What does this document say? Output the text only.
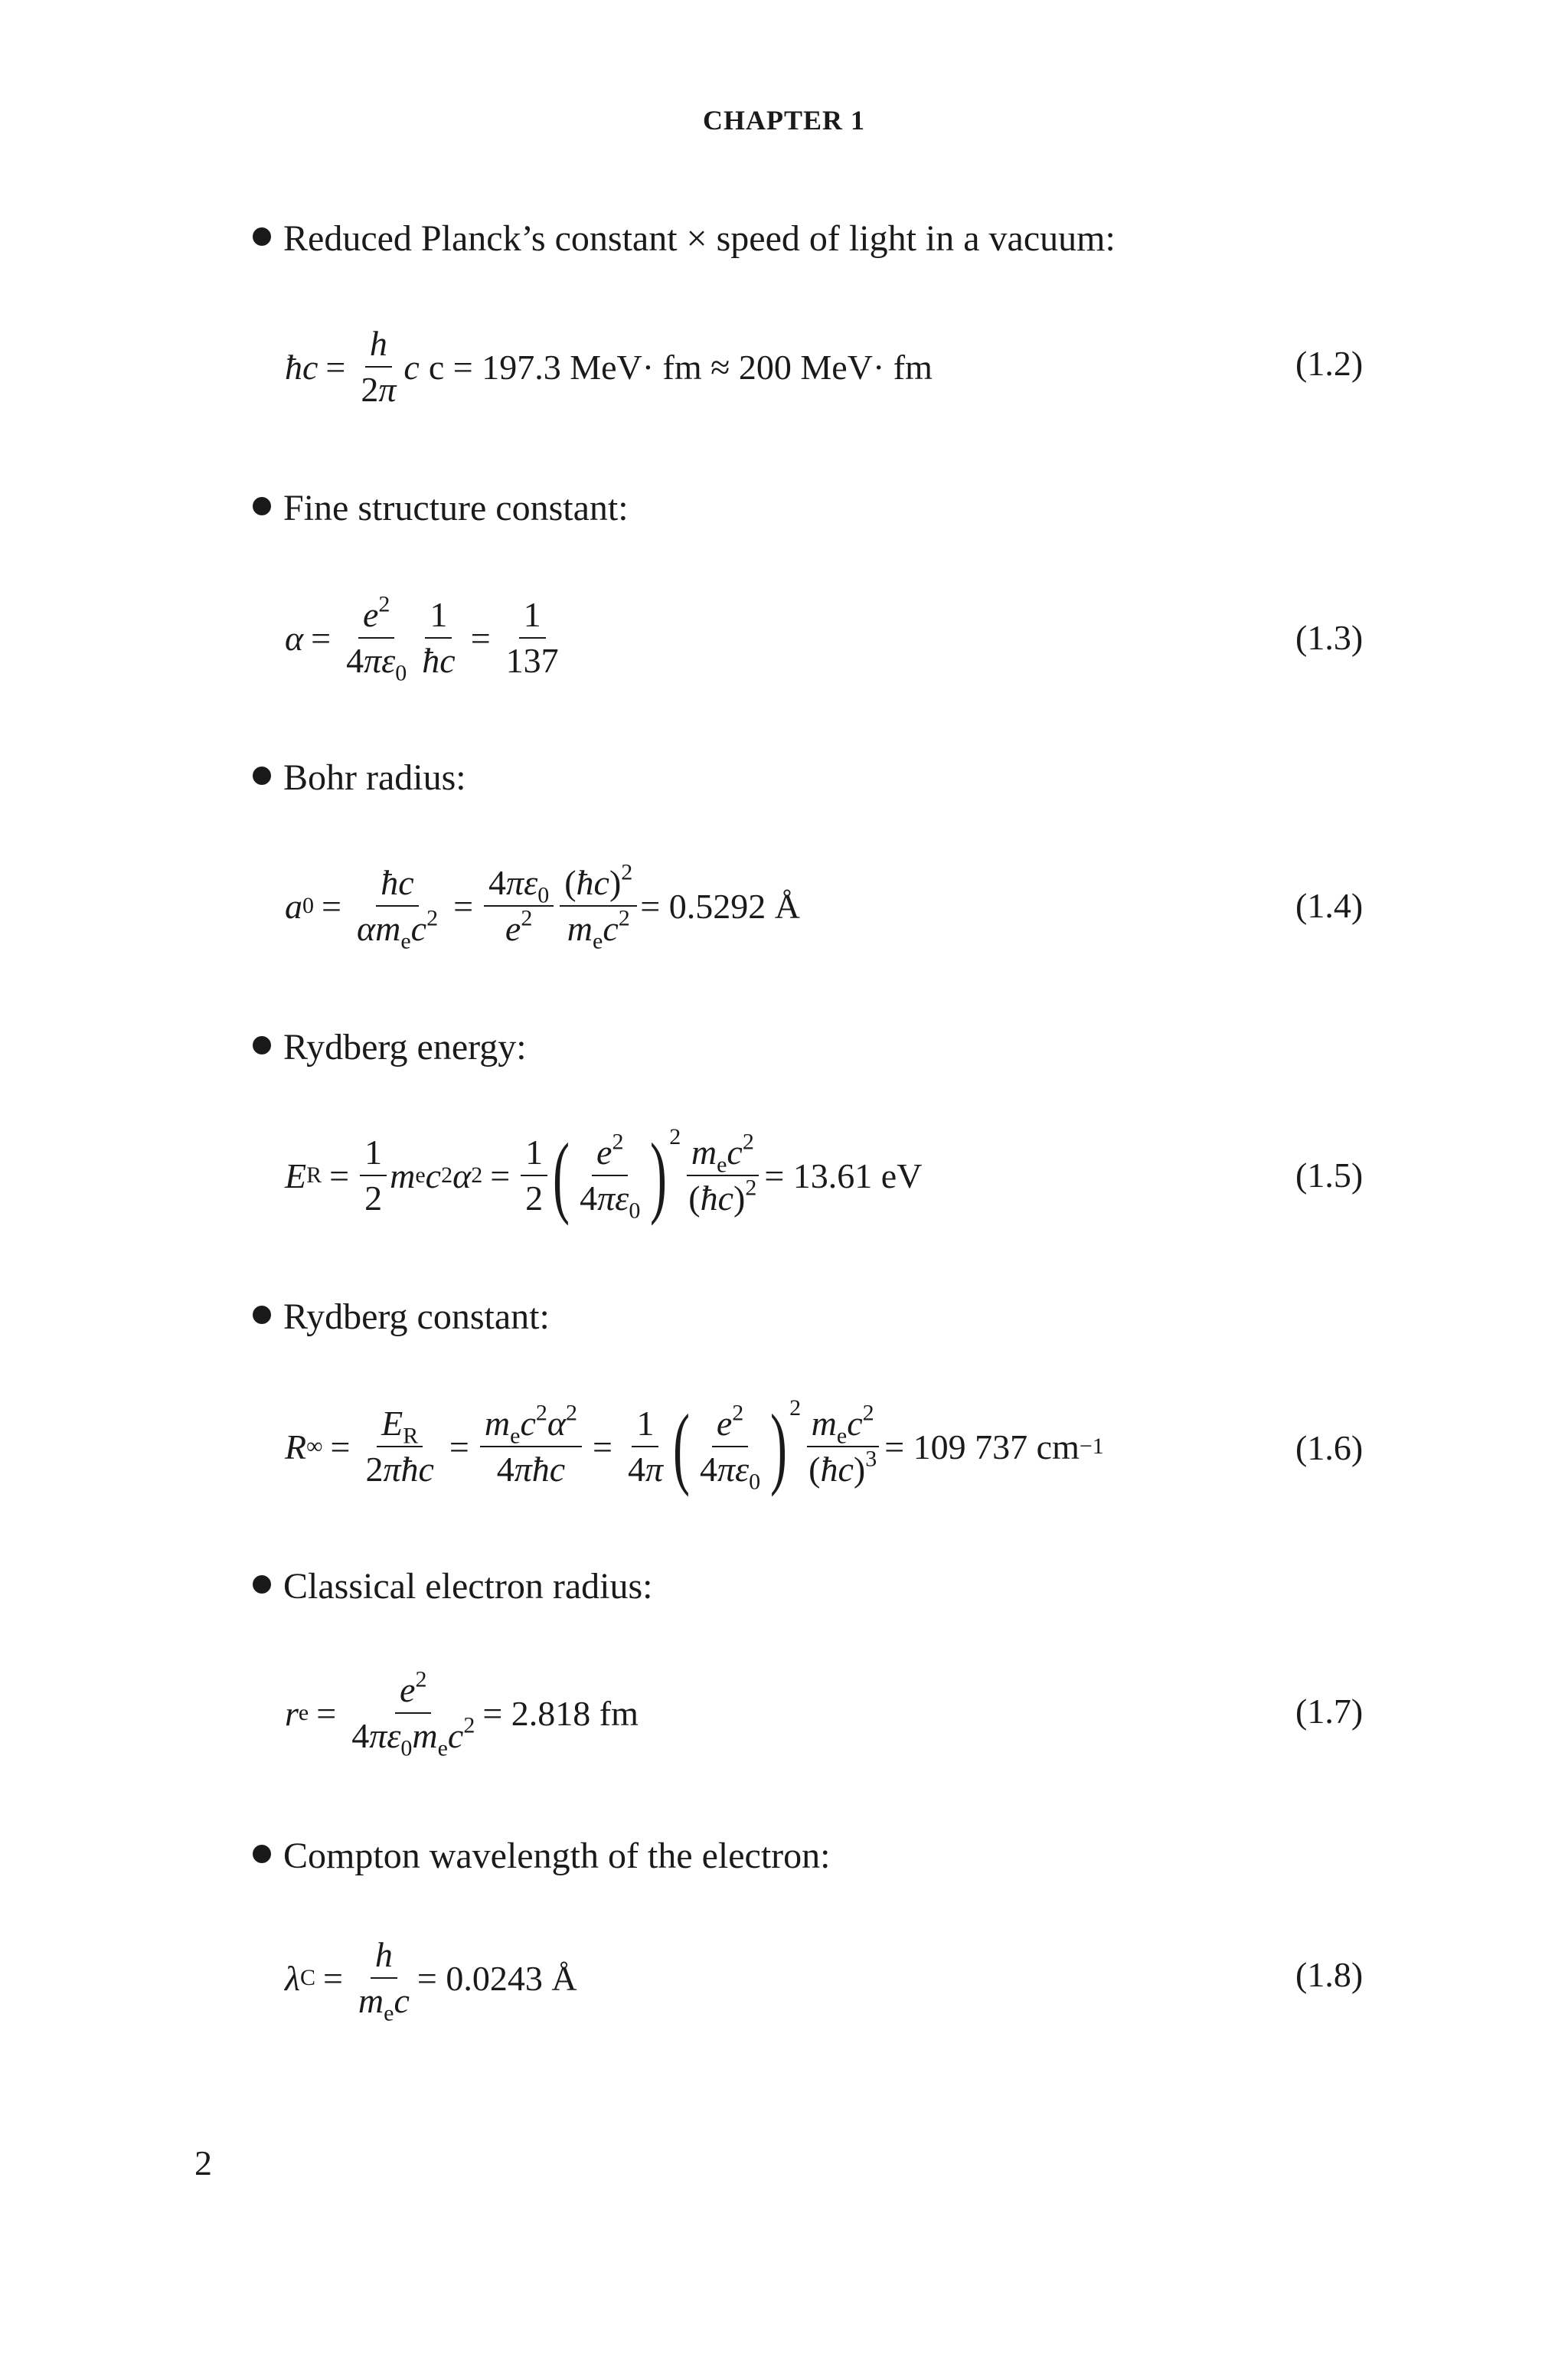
CHAPTER 1
Reduced Planck’s constant × speed of light in a vacuum:
ħc = $\frac{h}{2\pi}$ c c = 197.3 MeV· fm ≈ 200 MeV· fm	(1.2)
Fine structure constant:
$\alpha = \frac{e^2}{4\pi\varepsilon_0} \frac{1}{ħc} = \frac{1}{137}$	(1.3)
Bohr radius:
a $0 = \frac{ħc}{\alpha m_ec^2} = \frac{4\pi\varepsilon_0}{e^2} \frac{(ħc)^2}{m_ec^2} = 0.5292$ Å	(1.4)
Rydberg energy:
E $R = \frac{1}{2}$ m e c 2 α $2 = \frac{1}{2}$ ( $\frac{e^2}{4\pi\varepsilon_0}$ ) $2 \frac{m_ec^2}{(ħc)^2} = 13.61$ eV	(1.5)
Rydberg constant:
R ∞ = $\frac{E_R}{\text{2πħc}} = \frac{m_ec^2\alpha^2}{\text{4πħc}} = \frac{1}{4\pi}$ ( $\frac{e^2}{4\pi\varepsilon_0}$ ) $2 \frac{m_ec^2}{(ħc)^3} = 109$ 737 cm −1	(1.6)
Classical electron radius:
r $e = \frac{e^2}{4\pi\varepsilon_0m_ec^2} = 2.818$ fm	(1.7)
Compton wavelength of the electron:
λ $C = \frac{h}{m_ec} = 0.0243$ Å	(1.8)
2
